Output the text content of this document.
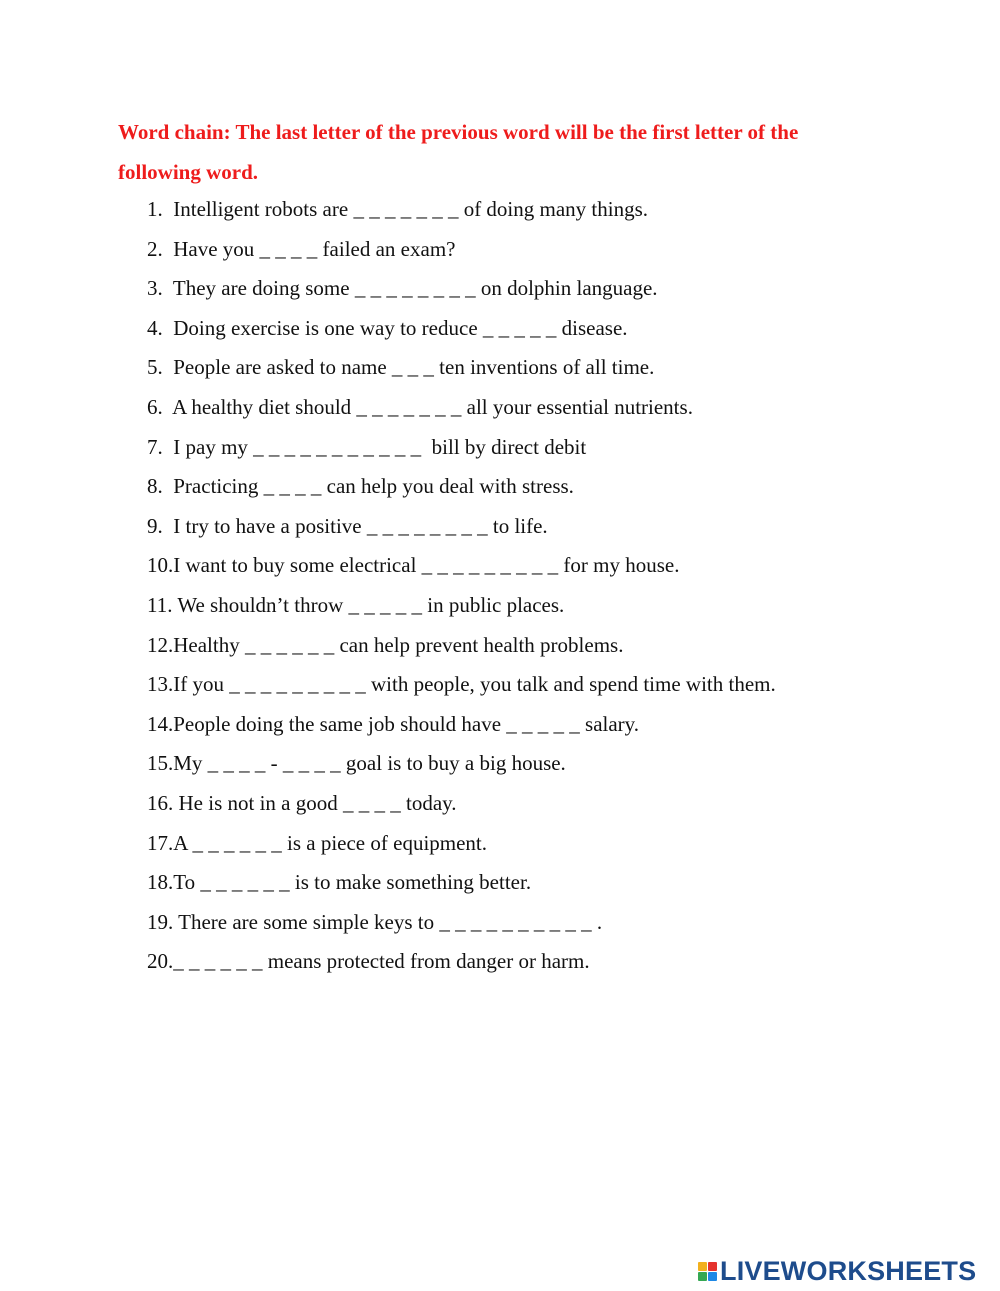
Word chain: The last letter of the previous word will be the first letter of the
following word.
1.  Intelligent robots are _ _ _ _ _ _ _ of doing many things.
2.  Have you _ _ _ _ failed an exam?
3.  They are doing some _ _ _ _ _ _ _ _ on dolphin language.
4.  Doing exercise is one way to reduce _ _ _ _ _ disease.
5.  People are asked to name _ _ _ ten inventions of all time.
6.  A healthy diet should _ _ _ _ _ _ _ all your essential nutrients.
7.  I pay my _ _ _ _ _ _ _ _ _ _ _  bill by direct debit
8.  Practicing _ _ _ _ can help you deal with stress.
9.  I try to have a positive _ _ _ _ _ _ _ _ to life.
10.I want to buy some electrical _ _ _ _ _ _ _ _ _ for my house.
11. We shouldn’t throw _ _ _ _ _ in public places.
12.Healthy _ _ _ _ _ _ can help prevent health problems.
13.If you _ _ _ _ _ _ _ _ _ with people, you talk and spend time with them.
14.People doing the same job should have _ _ _ _ _ salary.
15.My _ _ _ _ - _ _ _ _ goal is to buy a big house.
16. He is not in a good _ _ _ _ today.
17.A _ _ _ _ _ _ is a piece of equipment.
18.To _ _ _ _ _ _ is to make something better.
19. There are some simple keys to _ _ _ _ _ _ _ _ _ _ .
20._ _ _ _ _ _ means protected from danger or harm.
LIVEWORKSHEETS
